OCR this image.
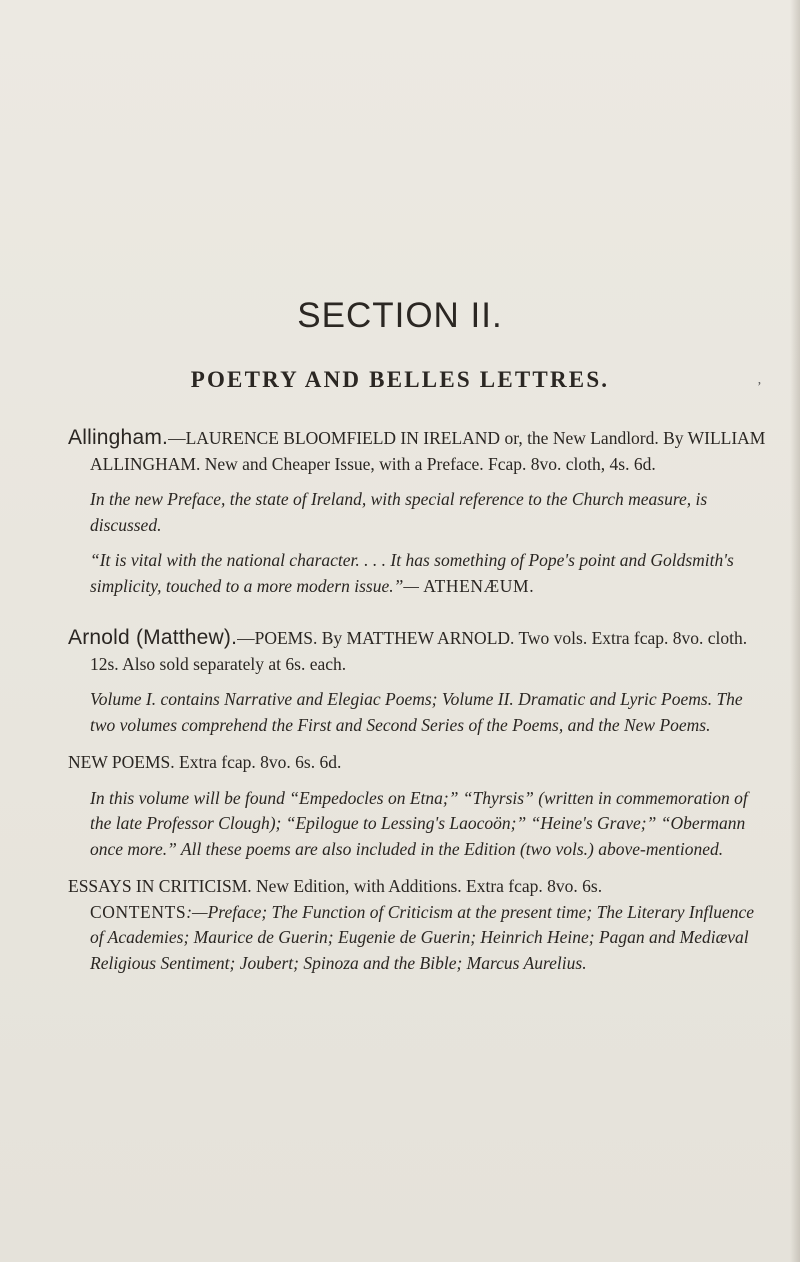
SECTION II.
POETRY AND BELLES LETTRES.	’

Allingham.—LAURENCE BLOOMFIELD IN IRELAND or, the New Landlord. By WILLIAM ALLINGHAM. New and Cheaper Issue, with a Preface. Fcap. 8vo. cloth, 4s. 6d.

In the new Preface, the state of Ireland, with special reference to the Church measure, is discussed.

“It is vital with the national character. . . . It has something of Pope's point and Goldsmith's simplicity, touched to a more modern issue.”— ATHENÆUM.

Arnold (Matthew).—POEMS. By MATTHEW ARNOLD. Two vols. Extra fcap. 8vo. cloth. 12s. Also sold separately at 6s. each.

Volume I. contains Narrative and Elegiac Poems; Volume II. Dramatic and Lyric Poems. The two volumes comprehend the First and Second Series of the Poems, and the New Poems.

NEW POEMS. Extra fcap. 8vo. 6s. 6d.

In this volume will be found “Empedocles on Etna;” “Thyrsis” (written in commemoration of the late Professor Clough); “Epilogue to Lessing's Laocoön;” “Heine's Grave;” “Obermann once more.” All these poems are also included in the Edition (two vols.) above-mentioned.

ESSAYS IN CRITICISM. New Edition, with Additions. Extra fcap. 8vo. 6s.

CONTENTS:—Preface; The Function of Criticism at the present time; The Literary Influence of Academies; Maurice de Guerin; Eugenie de Guerin; Heinrich Heine; Pagan and Mediæval Religious Sentiment; Joubert; Spinoza and the Bible; Marcus Aurelius.
